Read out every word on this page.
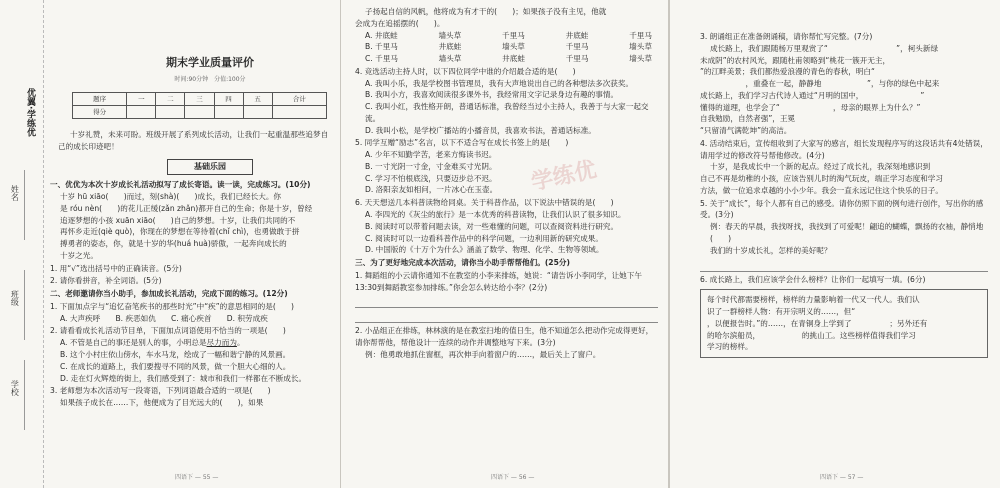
优翼·学练优
姓名
班级
学校
期末学业质量评价
时间:90分钟　分值:100分
题序	一	二	三	四	五	合计
得分						
十岁礼赞，未来可盼。班级开展了系列成长活动，让我们一起重温那些追梦自己的成长印迹吧！
基础乐园
一、优优为本次十岁成长礼活动拟写了成长寄语。读一读，完成练习。(10分)
十岁 hū xiāo(　　)而过，刻(shà)(　　)成长，我们已经长大。你
是 róu nèn(　　)的花儿正缓(zǎn zhǎn)都开自己的生命；你是十岁，曾经
追逐梦想的小孩 xuān xiāo(　　)自己的梦想。十岁，让我们共同的不
再怀乡走近(qiè quò)，你现在的梦想在等待着(chǐ chì)，也勇做敢于拼
搏勇者的姿态，你，就是十岁的华(huá huà)骄傲，一起奔向成长的
十岁之光。
1. 用“√”选出括号中的正确读音。(5分)
2. 请你看拼音，补全词语。(5分)
二、老师邀请你当小助手，参加成长礼活动，完成下面的练习。(12分)
1. 下面加点字与“追忆奋笔疾书的那些时光”中“疾”的意思相同的是(　　)
A. 大声疾呼　　B. 疾恶如仇　　C. 痛心疾首　　D. 积劳成疾
2. 请看看成长礼活动节目单，下面加点词语使用不恰当的一项是(　　)
A. 不管是自己的事还是别人的事，小明总是尽力而为。
B. 这个小村庄依山傍水，车水马龙，绘成了一幅和谐宁静的风景画。
C. 在成长的道路上，我们要搜寻不同的风景，做一个胆大心细的人。
D. 走在灯火辉煌的街上，我们感受到了：城市和我们一样都在不断成长。
3. 老师想为本次活动写一段寄语，下列词语最合适的一项是(　　)
如果孩子成长在……下，他便成为了目光远大的(　　)，如果
四语下 — 55 —
子扬起自信的风帆，他将成为有才干的(　　)；如果孩子没有主见，他就
会成为在追摇摆的(　　)。
A. 井底蛙	墙头草	千里马	井底蛙	千里马
B. 千里马	井底蛙	墙头草	千里马	墙头草
C. 千里马	墙头草	井底蛙	千里马	墙头草
4. 竞选活动主持人时，以下四位同学中谁的介绍最合适的是(　　)
A. 我叫小乐，我是学校图书管理员，我有大声地说出自己的各种想法多次获奖。
B. 我叫小方，我喜欢阅读很多课外书，我经常用文字记录身边有趣的事情。
C. 我叫小红，我性格开朗，普通话标准，我曾经当过小主持人，我善于与大家一起交流。
D. 我叫小松，是学校广播站的小播音员，我喜欢书法，普通话标准。
5. 同学互赠“励志”名言，以下不适合写在成长书签上的是(　　)
A. 少年不知勤学苦，老来方悔读书迟。
B. 一寸光阴一寸金，寸金难买寸光阴。
C. 学习不怕根底浅，只要迈步总不迟。
D. 洛阳亲友如相问，一片冰心在玉壶。
6. 天天想送几本科普读物给同桌。关于科普作品，以下说法中错误的是(　　)
A. 李四光的《灰尘的旅行》是一本优秀的科普读物，让我们认识了很多知识。
B. 阅读时可以带着问题去读，对一些难懂的问题，可以查阅资料进行研究。
C. 阅读时可以一边看科普作品中的科学问题，一边利用新的研究成果。
D. 中国版的《十万个为什么》涵盖了数学、物理、化学、生物等领域。
三、为了更好地完成本次活动，请你当小助手帮帮他们。(25分)
1. 舞蹈组的小云请你通知不在教室的小李来排练，她说：“请告诉小李同学，让她下午13:30到舞蹈教室参加排练。”你会怎么转达给小李？(2分)
2. 小品组正在排练，林林演的是在教室扫地的值日生，他不知道怎么把动作完成得更好，请你帮帮他，帮他设计一连续的动作并调整地写下来。(3分)
例：他勇敢地抓住窗框，再次伸手向着窗户的……，最后关上了窗户。
学练优
四语下 — 56 —
3. 朗诵组正在准备朗诵稿，请你帮忙写完整。(7分)
成长路上，我们跟随杨万里观赏了“　　　　　　　　　”，柯头新绿
未成阴”的农村风光，跟随杜甫领略到“桃花一簇开无主，
”的江畔美景；我们都热爱浪漫的青色的春秋，明白“
　　　　　　，重叠在一起，静静地　　　　　　”，与你的绿色中起来
成长路上，我们学习古代诗人通过“月明的国中，　　　　　　　　”
懂得的道理，也学会了“　　　　　　　，母亲的眼界上为什么？”
自我勉励，自然者强”，王冕
“只留清气满乾坤”的高洁。
4. 活动结束后，宣传组收到了大家写的感言，组长发现程序写的这段话共有4处错误，请用学过的修改符号帮他修改。(4分)
十岁，是我成长中一个新的起点。经过了成长礼，我深刻地感识到
自己不再是幼稚的小孩，应该告别儿时的淘气玩皮，端正学习态度和学习
方法，做一位追求卓越的小小少年。我会一直永远记住这个快乐的日子。
5. 关于“成长”，每个人都有自己的感受。请你仿照下面的例句进行创作，写出你的感受。(3分)
例：春天的早晨，我找呀找，我找到了可爱呢！翩追的蝴蝶，飘扬的衣袖，静悄地(　　)
我们的十岁成长礼，怎样的美好呢？
6. 成长路上，我们应该学会什么榜样？让你们一起填写一填。(6分)
每个时代都需要榜样，榜样的力量影响着一代又一代人。我们认
识了一群榜样人物：有开宗明义的……，但“　　　　　　　　　
，以便报告时。”的……，在青铜身上学到了　　　　　；另外还有
的哈尔滨船员，　　　　　　的挑山工。这些榜样值得我们学习
学习的榜样。
四语下 — 57 —
